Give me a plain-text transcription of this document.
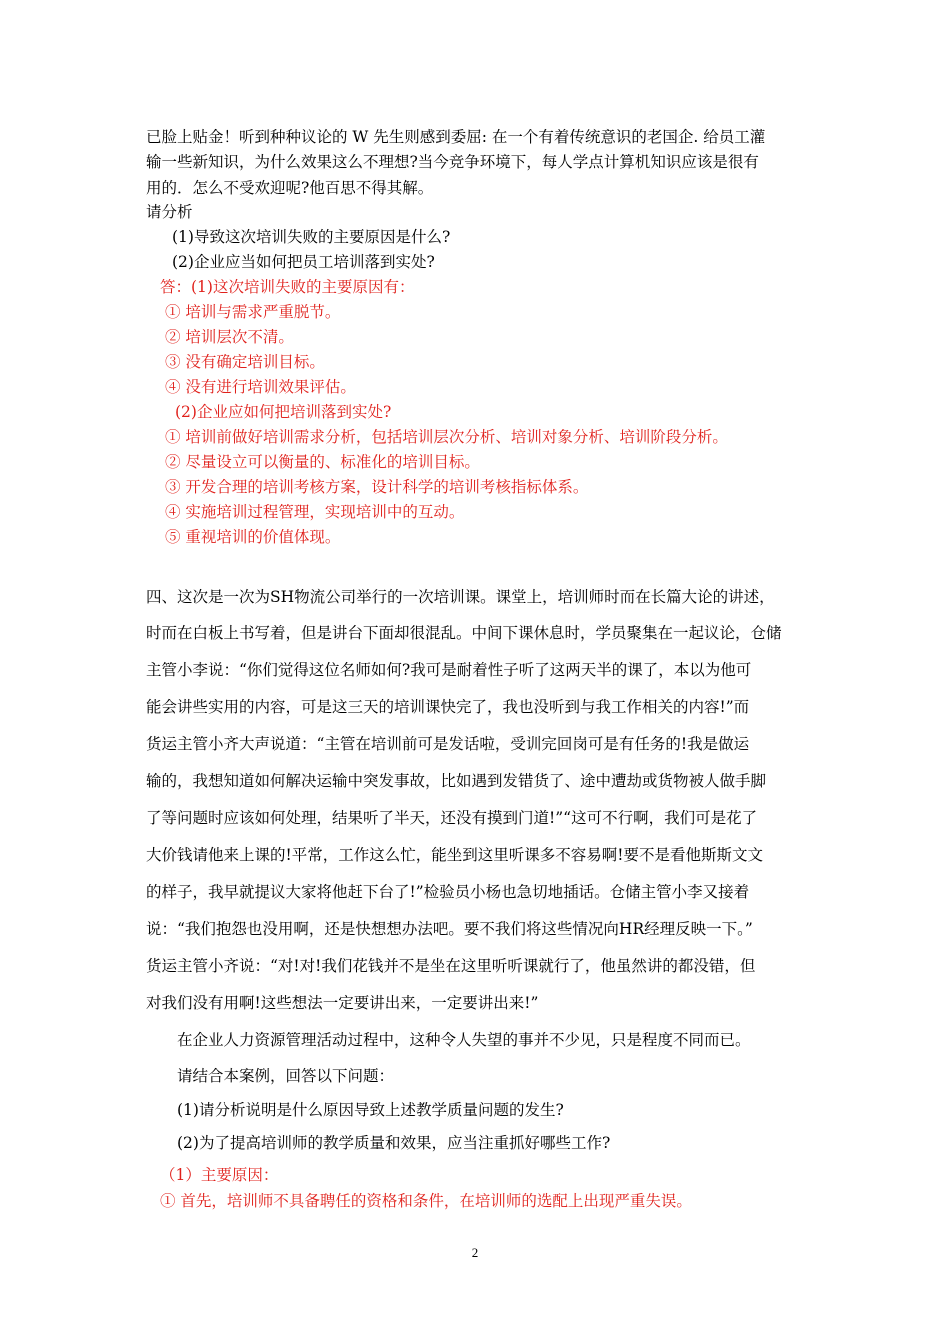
已脸上贴金！听到种种议论的 W 先生则感到委屈: 在一个有着传统意识的老国企. 给员工灌
输一些新知识，为什么效果这么不理想?当今竞争环境下，每人学点计算机知识应该是很有
用的．怎么不受欢迎呢?他百思不得其解。
请分析
(1)导致这次培训失败的主要原因是什么?
(2)企业应当如何把员工培训落到实处?
答：(1)这次培训失败的主要原因有：
① 培训与需求严重脱节。
② 培训层次不清。
③ 没有确定培训目标。
④ 没有进行培训效果评估。
(2)企业应如何把培训落到实处?
① 培训前做好培训需求分析，包括培训层次分析、培训对象分析、培训阶段分析。
② 尽量设立可以衡量的、标准化的培训目标。
③ 开发合理的培训考核方案，设计科学的培训考核指标体系。
④ 实施培训过程管理，实现培训中的互动。
⑤ 重视培训的价值体现。
四、这次是一次为SH物流公司举行的一次培训课。课堂上，培训师时而在长篇大论的讲述，
时而在白板上书写着，但是讲台下面却很混乱。中间下课休息时，学员聚集在一起议论，仓储
主管小李说：“你们觉得这位名师如何?我可是耐着性子听了这两天半的课了，本以为他可
能会讲些实用的内容，可是这三天的培训课快完了，我也没听到与我工作相关的内容!”而
货运主管小齐大声说道：“主管在培训前可是发话啦，受训完回岗可是有任务的!我是做运
输的，我想知道如何解决运输中突发事故，比如遇到发错货了、途中遭劫或货物被人做手脚
了等问题时应该如何处理，结果听了半天，还没有摸到门道!”“这可不行啊，我们可是花了
大价钱请他来上课的!平常，工作这么忙，能坐到这里听课多不容易啊!要不是看他斯斯文文
的样子，我早就提议大家将他赶下台了!”检验员小杨也急切地插话。仓储主管小李又接着
说：“我们抱怨也没用啊，还是快想想办法吧。要不我们将这些情况向HR经理反映一下。”
货运主管小齐说：“对!对!我们花钱并不是坐在这里听听课就行了，他虽然讲的都没错，但
对我们没有用啊!这些想法一定要讲出来，一定要讲出来!”
在企业人力资源管理活动过程中，这种令人失望的事并不少见，只是程度不同而已。
请结合本案例，回答以下问题：
(1)请分析说明是什么原因导致上述教学质量问题的发生?
(2)为了提高培训师的教学质量和效果，应当注重抓好哪些工作?
（1）主要原因：
① 首先，培训师不具备聘任的资格和条件，在培训师的选配上出现严重失误。
2
